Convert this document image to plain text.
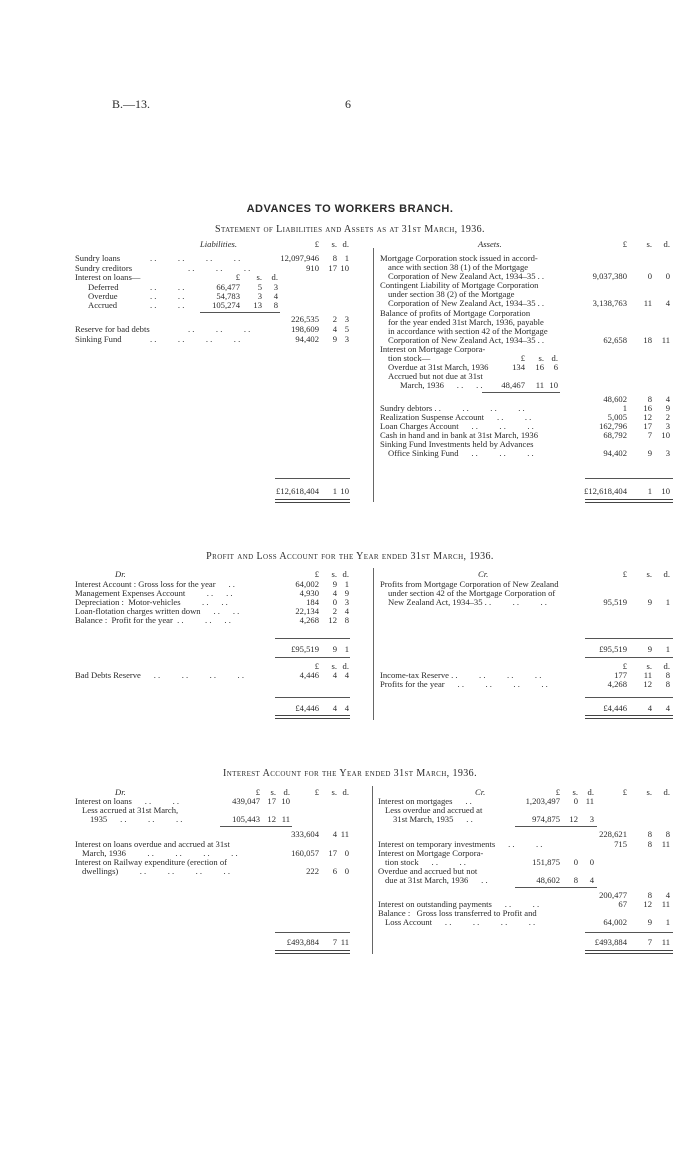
B.—13.	6
ADVANCES TO WORKERS BRANCH.
Statement of Liabilities and Assets as at 31st March, 1936.
Liabilities.	Assets.
£	s. d.	£	s.	d.
Sundry loans	. .          . .          . .          . .	12,097,946	8 1
Sundry creditors	. .          . .          . .	910	17 10
Interest on loans—	£	s.	d.
Deferred	. .          . .	66,477	5	3
Overdue	. .          . .	54,783	3	4
Accrued	. .          . .	105,274	13	8
226,535	2 3
Reserve for bad debts	. .          . .          . .	198,609	4 5
Sinking Fund	. .          . .          . .          . .	94,402	9 3
£12,618,404	1 10
Mortgage Corporation stock issued in accord-
ance with section 38 (1) of the Mortgage
Corporation of New Zealand Act, 1934–35 . .	9,037,380	0	0
Contingent Liability of Mortgage Corporation
under section 38 (2) of the Mortgage
Corporation of New Zealand Act, 1934–35 . .	3,138,763	11	4
Balance of profits of Mortgage Corporation
for the year ended 31st March, 1936, payable
in accordance with section 42 of the Mortgage
Corporation of New Zealand Act, 1934–35 . .	62,658	18	11
Interest on Mortgage Corpora-
tion stock—	£	s. d.
Overdue at 31st March, 1936	134	16	6
Accrued but not due at 31st
March, 1936      . .      . .	48,467	11 10
48,602	8	4
Sundry debtors . .          . .          . .          . .	1	16	9
Realization Suspense Account      . .          . .	5,005	12	2
Loan Charges Account      . .          . .          . .	162,796	17	3
Cash in hand and in bank at 31st March, 1936	68,792	7	10
Sinking Fund Investments held by Advances
Office Sinking Fund      . .          . .          . .	94,402	9	3
£12,618,404	1	10
Profit and Loss Account for the Year ended 31st March, 1936.
Dr.	Cr.
£	s. d.	£	s.	d.
Interest Account : Gross loss for the year      . .	64,002	9 1
Management Expenses Account          . .      . .	4,930	4 9
Depreciation :  Motor-vehicles          . .      . .	184	0 3
Loan-flotation charges written down      . .      . .	22,134	2 4
Balance :  Profit for the year  . .          . .      . .	4,268	12 8
Profits from Mortgage Corporation of New Zealand
under section 42 of the Mortgage Corporation of
New Zealand Act, 1934–35 . .          . .          . .	95,519	9	1
£95,519	9 1	£95,519	9	1
£	s. d.	£	s.	d.
Bad Debts Reserve      . .          . .          . .          . .	4,446	4 4	Income-tax Reserve . .          . .          . .          . .	177	11	8
Profits for the year      . .          . .          . .          . .	4,268	12	8
£4,446	4 4	£4,446	4	4
Interest Account for the Year ended 31st March, 1936.
Dr.	Cr.
£	s. d.	£	s. d.	£	s.	d.	£	s.	d.
Interest on loans      . .          . .	439,047 17 10
Less accrued at 31st March,
1935      . .          . .          . .	105,443 12 11
333,604	4 11
Interest on loans overdue and accrued at 31st
March, 1936          . .          . .          . .          . .	160,057	17 0
Interest on Railway expenditure (erection of
dwellings)          . .          . .          . .          . .	222	6 0
£493,884	7 11
Interest on mortgages      . .	1,203,497	0 11
Less overdue and accrued at
31st March, 1935      . .	974,875	12	3
228,621	8	8
Interest on temporary investments      . .          . .	715	8	11
Interest on Mortgage Corpora-
tion stock      . .          . .	151,875	0	0
Overdue and accrued but not
due at 31st March, 1936      . .	48,602	8	4
200,477	8	4
Interest on outstanding payments      . .          . .	67	12	11
Balance :   Gross loss transferred to Profit and
Loss Account      . .          . .          . .          . .	64,002	9	1
£493,884	7	11
